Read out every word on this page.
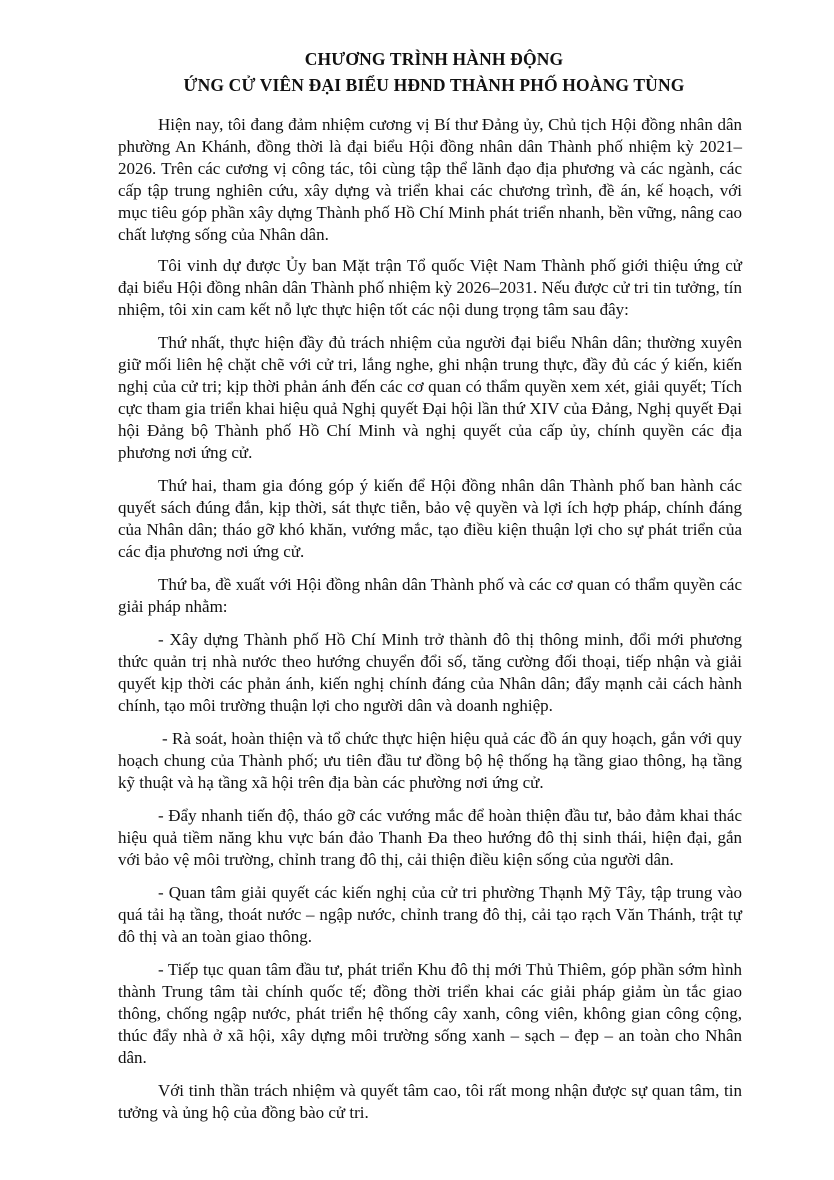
CHƯƠNG TRÌNH HÀNH ĐỘNG

ỨNG CỬ VIÊN ĐẠI BIỂU HĐND THÀNH PHỐ HOÀNG TÙNG

Hiện nay, tôi đang đảm nhiệm cương vị Bí thư Đảng ủy, Chủ tịch Hội đồng nhân dân phường An Khánh, đồng thời là đại biểu Hội đồng nhân dân Thành phố nhiệm kỳ 2021–2026. Trên các cương vị công tác, tôi cùng tập thể lãnh đạo địa phương và các ngành, các cấp tập trung nghiên cứu, xây dựng và triển khai các chương trình, đề án, kế hoạch, với mục tiêu góp phần xây dựng Thành phố Hồ Chí Minh phát triển nhanh, bền vững, nâng cao chất lượng sống của Nhân dân.

Tôi vinh dự được Ủy ban Mặt trận Tổ quốc Việt Nam Thành phố giới thiệu ứng cử đại biểu Hội đồng nhân dân Thành phố nhiệm kỳ 2026–2031. Nếu được cử tri tin tưởng, tín nhiệm, tôi xin cam kết nỗ lực thực hiện tốt các nội dung trọng tâm sau đây:

Thứ nhất, thực hiện đầy đủ trách nhiệm của người đại biểu Nhân dân; thường xuyên giữ mối liên hệ chặt chẽ với cử tri, lắng nghe, ghi nhận trung thực, đầy đủ các ý kiến, kiến nghị của cử tri; kịp thời phản ánh đến các cơ quan có thẩm quyền xem xét, giải quyết; Tích cực tham gia triển khai hiệu quả Nghị quyết Đại hội lần thứ XIV của Đảng, Nghị quyết Đại hội Đảng bộ Thành phố Hồ Chí Minh và nghị quyết của cấp ủy, chính quyền các địa phương nơi ứng cử.

Thứ hai, tham gia đóng góp ý kiến để Hội đồng nhân dân Thành phố ban hành các quyết sách đúng đắn, kịp thời, sát thực tiễn, bảo vệ quyền và lợi ích hợp pháp, chính đáng của Nhân dân; tháo gỡ khó khăn, vướng mắc, tạo điều kiện thuận lợi cho sự phát triển của các địa phương nơi ứng cử.

Thứ ba, đề xuất với Hội đồng nhân dân Thành phố và các cơ quan có thẩm quyền các giải pháp nhằm:

- Xây dựng Thành phố Hồ Chí Minh trở thành đô thị thông minh, đổi mới phương thức quản trị nhà nước theo hướng chuyển đổi số, tăng cường đối thoại, tiếp nhận và giải quyết kịp thời các phản ánh, kiến nghị chính đáng của Nhân dân; đẩy mạnh cải cách hành chính, tạo môi trường thuận lợi cho người dân và doanh nghiệp.

- Rà soát, hoàn thiện và tổ chức thực hiện hiệu quả các đồ án quy hoạch, gắn với quy hoạch chung của Thành phố; ưu tiên đầu tư đồng bộ hệ thống hạ tầng giao thông, hạ tầng kỹ thuật và hạ tầng xã hội trên địa bàn các phường nơi ứng cử.

- Đẩy nhanh tiến độ, tháo gỡ các vướng mắc để hoàn thiện đầu tư, bảo đảm khai thác hiệu quả tiềm năng khu vực bán đảo Thanh Đa theo hướng đô thị sinh thái, hiện đại, gắn với bảo vệ môi trường, chỉnh trang đô thị, cải thiện điều kiện sống của người dân.

- Quan tâm giải quyết các kiến nghị của cử tri phường Thạnh Mỹ Tây, tập trung vào quá tải hạ tầng, thoát nước – ngập nước, chỉnh trang đô thị, cải tạo rạch Văn Thánh, trật tự đô thị và an toàn giao thông.

- Tiếp tục quan tâm đầu tư, phát triển Khu đô thị mới Thủ Thiêm, góp phần sớm hình thành Trung tâm tài chính quốc tế; đồng thời triển khai các giải pháp giảm ùn tắc giao thông, chống ngập nước, phát triển hệ thống cây xanh, công viên, không gian công cộng, thúc đẩy nhà ở xã hội, xây dựng môi trường sống xanh – sạch – đẹp – an toàn cho Nhân dân.

Với tinh thần trách nhiệm và quyết tâm cao, tôi rất mong nhận được sự quan tâm, tin tưởng và ủng hộ của đồng bào cử tri.
